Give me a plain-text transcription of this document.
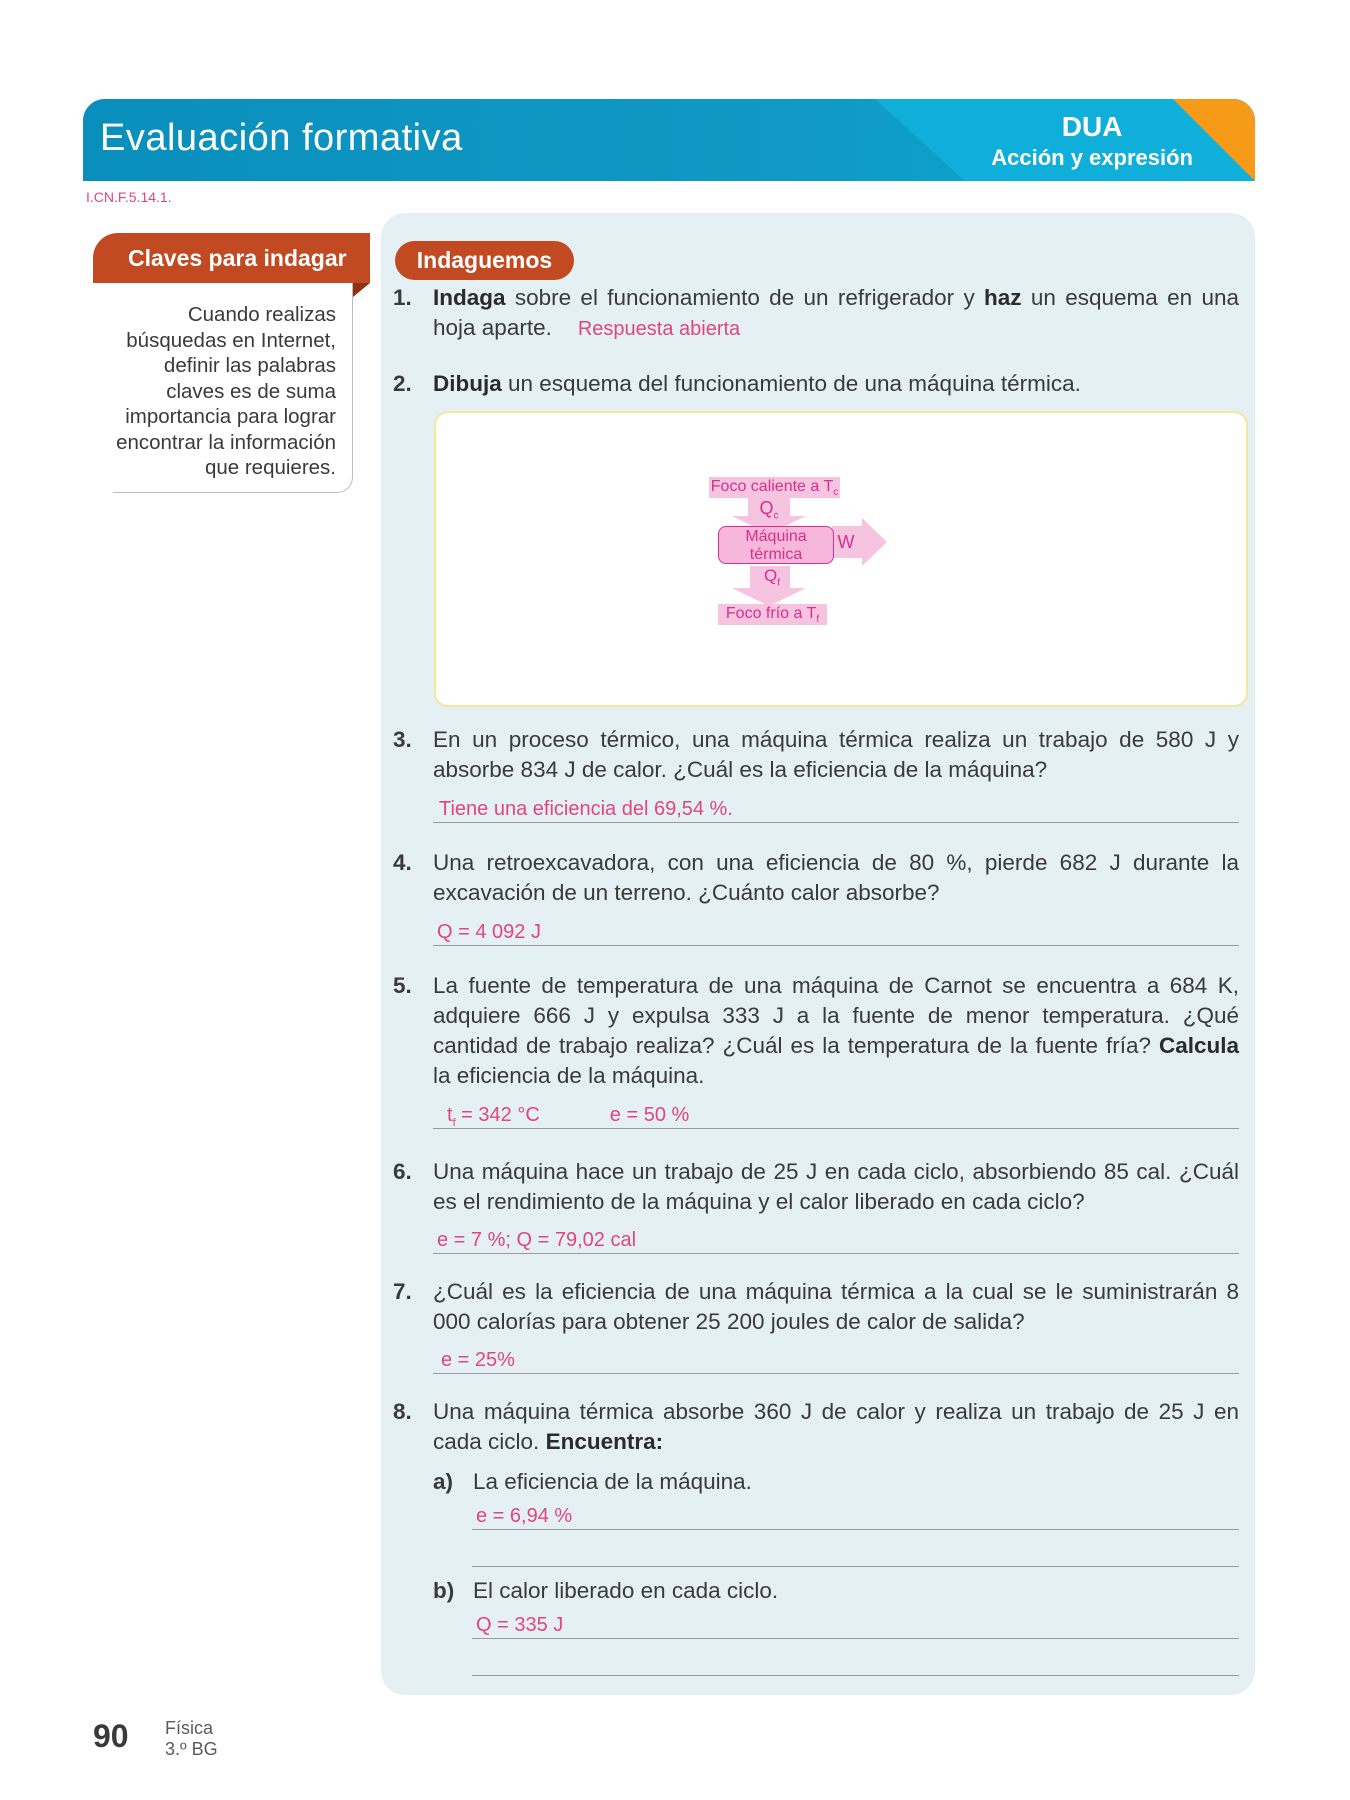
Evaluación formativa	DUA
Acción y expresión
I.CN.F.5.14.1.
Claves para indagar
Cuando realizas
búsquedas en Internet,
definir las palabras
claves es de suma
importancia para lograr
encontrar la información
que requieres.
Indaguemos
1. Indaga sobre el funcionamiento de un refrigerador y haz un esquema en una hoja aparte. Respuesta abierta
2. Dibuja un esquema del funcionamiento de una máquina térmica.
Foco caliente a $T_c$
$Q_c$
Máquina
térmica
W
$Q_f$
Foco frío a $T_f$
3. En un proceso térmico, una máquina térmica realiza un trabajo de 580 J y absorbe 834 J de calor. ¿Cuál es la eficiencia de la máquina?
Tiene una eficiencia del 69,54 %.
4. Una retroexcavadora, con una eficiencia de 80 %, pierde 682 J durante la excavación de un terreno. ¿Cuánto calor absorbe?
Q = 4 092 J
5. La fuente de temperatura de una máquina de Carnot se encuentra a 684 K, adquiere 666 J y expulsa 333 J a la fuente de menor temperatura. ¿Qué cantidad de trabajo realiza? ¿Cuál es la temperatura de la fuente fría? Calcula la eficiencia de la máquina.
$t_f = 342$ °C	e = 50 %
6. Una máquina hace un trabajo de 25 J en cada ciclo, absorbiendo 85 cal. ¿Cuál es el rendimiento de la máquina y el calor liberado en cada ciclo?
e = 7 %; Q = 79,02 cal
7. ¿Cuál es la eficiencia de una máquina térmica a la cual se le suministrarán 8 000 calorías para obtener 25 200 joules de calor de salida?
e = 25%
8. Una máquina térmica absorbe 360 J de calor y realiza un trabajo de 25 J en cada ciclo. Encuentra:
a) La eficiencia de la máquina.
e = 6,94 %
b) El calor liberado en cada ciclo.
Q = 335 J
90 Física
3.º BG
